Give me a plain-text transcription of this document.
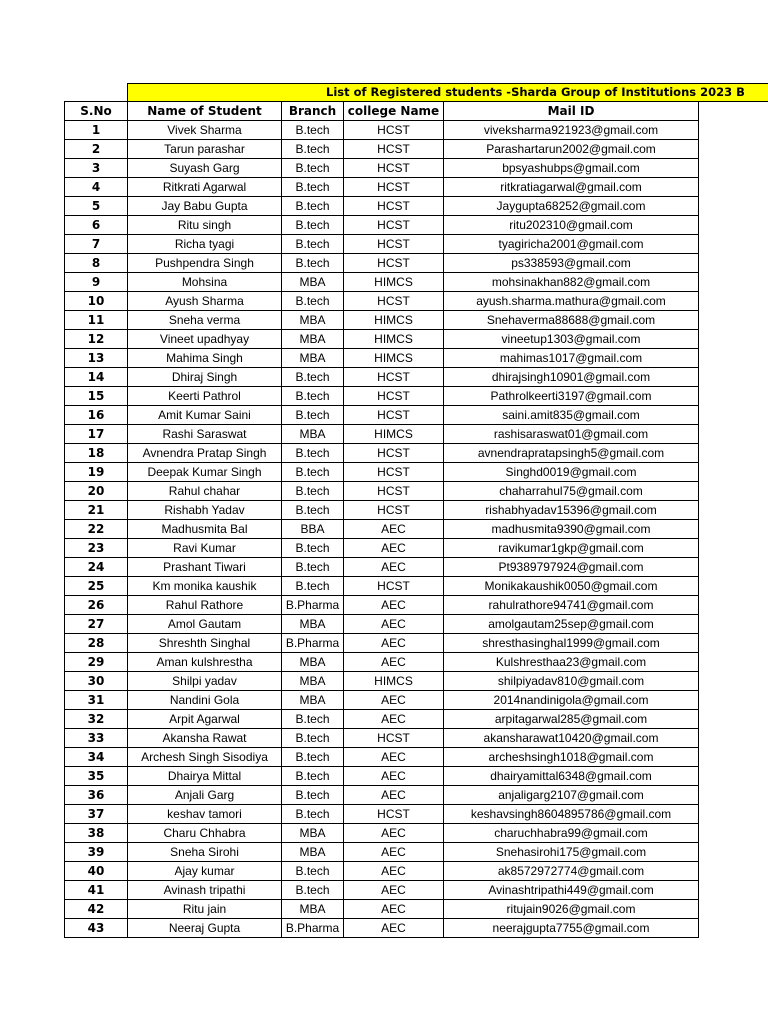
List of Registered students -Sharda Group of Institutions 2023 B
S.No	Name of Student	Branch	college Name	Mail ID
1	Vivek Sharma	B.tech	HCST	viveksharma921923@gmail.com
2	Tarun parashar	B.tech	HCST	Parashartarun2002@gmail.com
3	Suyash Garg	B.tech	HCST	bpsyashubps@gmail.com
4	Ritkrati Agarwal	B.tech	HCST	ritkratiagarwal@gmail.com
5	Jay Babu Gupta	B.tech	HCST	Jaygupta68252@gmail.com
6	Ritu singh	B.tech	HCST	ritu202310@gmail.com
7	Richa tyagi	B.tech	HCST	tyagiricha2001@gmail.com
8	Pushpendra Singh	B.tech	HCST	ps338593@gmail.com
9	Mohsina	MBA	HIMCS	mohsinakhan882@gmail.com
10	Ayush Sharma	B.tech	HCST	ayush.sharma.mathura@gmail.com
11	Sneha verma	MBA	HIMCS	Snehaverma88688@gmail.com
12	Vineet upadhyay	MBA	HIMCS	vineetup1303@gmail.com
13	Mahima Singh	MBA	HIMCS	mahimas1017@gmail.com
14	Dhiraj Singh	B.tech	HCST	dhirajsingh10901@gmail.com
15	Keerti Pathrol	B.tech	HCST	Pathrolkeerti3197@gmail.com
16	Amit Kumar Saini	B.tech	HCST	saini.amit835@gmail.com
17	Rashi Saraswat	MBA	HIMCS	rashisaraswat01@gmail.com
18	Avnendra Pratap Singh	B.tech	HCST	avnendrapratapsingh5@gmail.com
19	Deepak Kumar Singh	B.tech	HCST	Singhd0019@gmail.com
20	Rahul chahar	B.tech	HCST	chaharrahul75@gmail.com
21	Rishabh Yadav	B.tech	HCST	rishabhyadav15396@gmail.com
22	Madhusmita Bal	BBA	AEC	madhusmita9390@gmail.com
23	Ravi Kumar	B.tech	AEC	ravikumar1gkp@gmail.com
24	Prashant Tiwari	B.tech	AEC	Pt9389797924@gmail.com
25	Km monika kaushik	B.tech	HCST	Monikakaushik0050@gmail.com
26	Rahul Rathore	B.Pharma	AEC	rahulrathore94741@gmail.com
27	Amol Gautam	MBA	AEC	amolgautam25sep@gmail.com
28	Shreshth Singhal	B.Pharma	AEC	shresthasinghal1999@gmail.com
29	Aman kulshrestha	MBA	AEC	Kulshresthaa23@gmail.com
30	Shilpi yadav	MBA	HIMCS	shilpiyadav810@gmail.com
31	Nandini Gola	MBA	AEC	2014nandinigola@gmail.com
32	Arpit Agarwal	B.tech	AEC	arpitagarwal285@gmail.com
33	Akansha Rawat	B.tech	HCST	akansharawat10420@gmail.com
34	Archesh Singh Sisodiya	B.tech	AEC	archeshsingh1018@gmail.com
35	Dhairya Mittal	B.tech	AEC	dhairyamittal6348@gmail.com
36	Anjali Garg	B.tech	AEC	anjaligarg2107@gmail.com
37	keshav tamori	B.tech	HCST	keshavsingh8604895786@gmail.com
38	Charu Chhabra	MBA	AEC	charuchhabra99@gmail.com
39	Sneha Sirohi	MBA	AEC	Snehasirohi175@gmail.com
40	Ajay kumar	B.tech	AEC	ak8572972774@gmail.com
41	Avinash tripathi	B.tech	AEC	Avinashtripathi449@gmail.com
42	Ritu jain	MBA	AEC	ritujain9026@gmail.com
43	Neeraj Gupta	B.Pharma	AEC	neerajgupta7755@gmail.com
